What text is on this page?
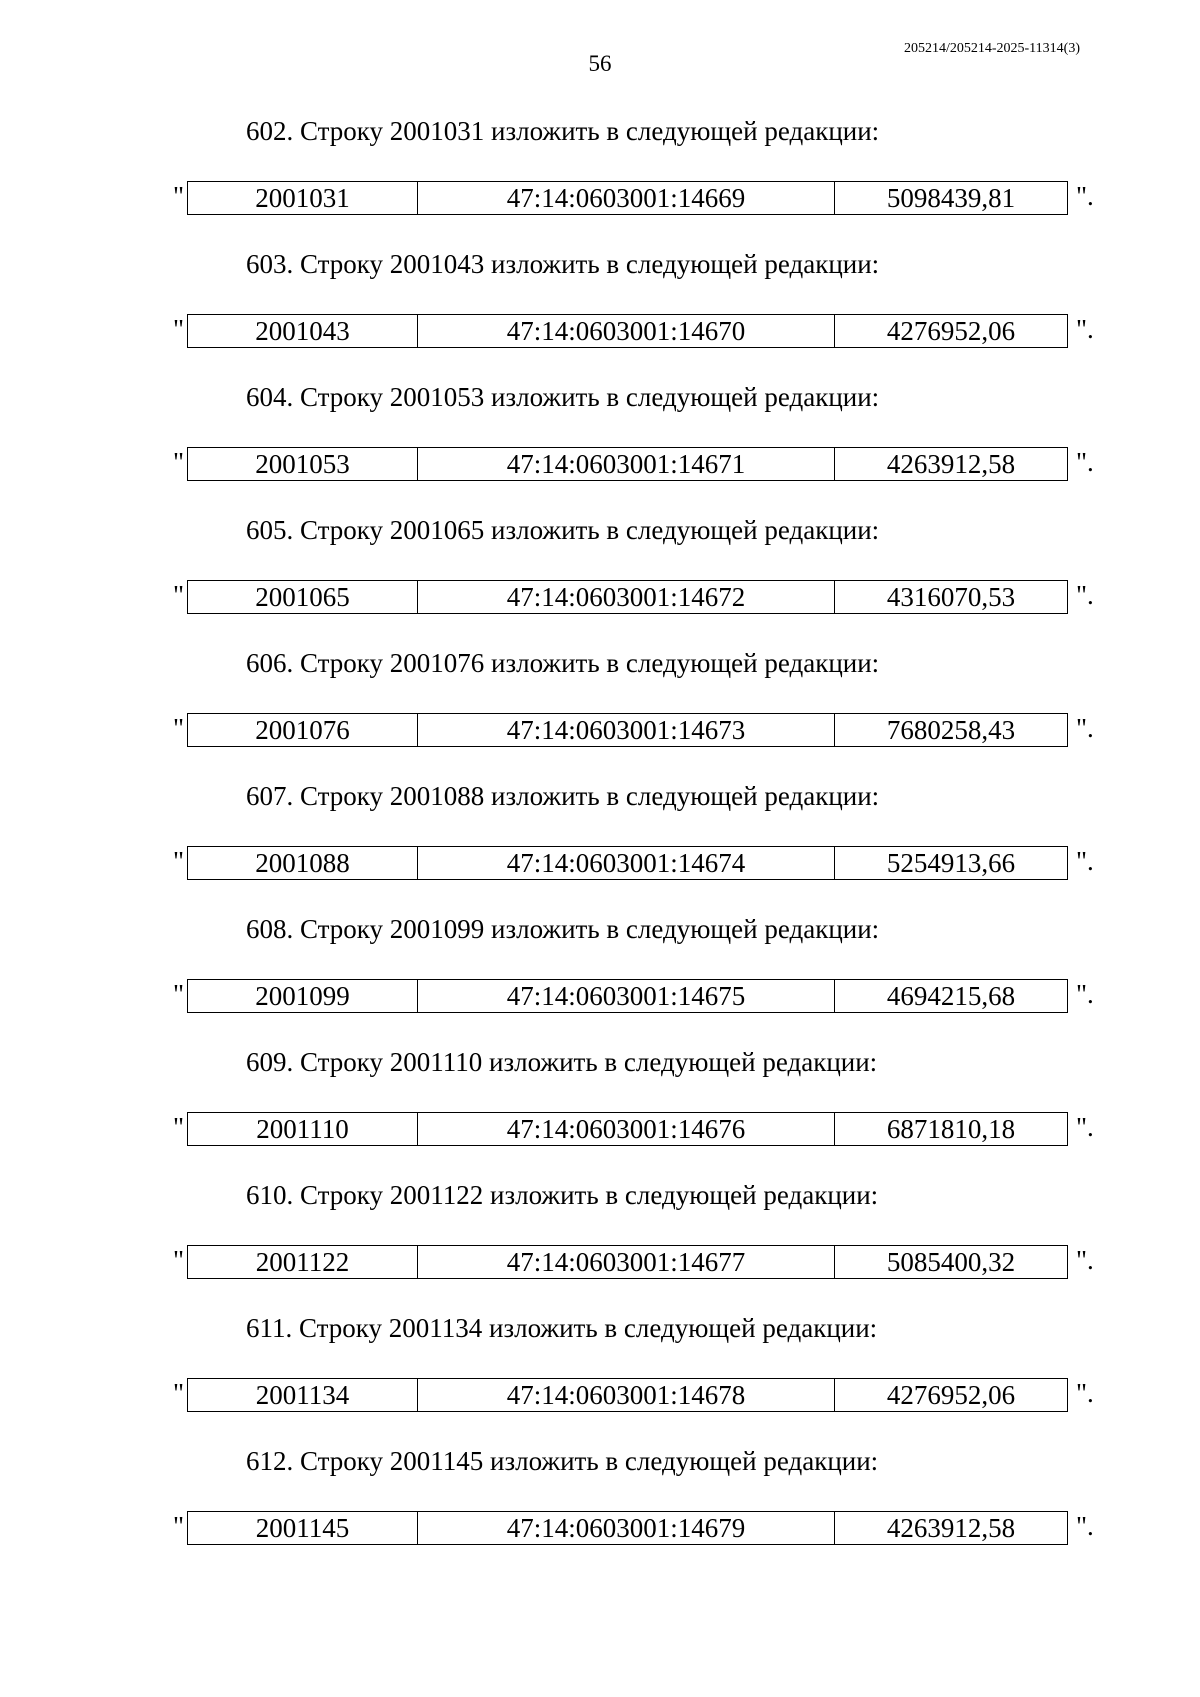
56
205214/205214-2025-11314(3)
602. Строку 2001031 изложить в следующей редакции:
"	2001031	47:14:0603001:14669	5098439,81	".
603. Строку 2001043 изложить в следующей редакции:
"	2001043	47:14:0603001:14670	4276952,06	".
604. Строку 2001053 изложить в следующей редакции:
"	2001053	47:14:0603001:14671	4263912,58	".
605. Строку 2001065 изложить в следующей редакции:
"	2001065	47:14:0603001:14672	4316070,53	".
606. Строку 2001076 изложить в следующей редакции:
"	2001076	47:14:0603001:14673	7680258,43	".
607. Строку 2001088 изложить в следующей редакции:
"	2001088	47:14:0603001:14674	5254913,66	".
608. Строку 2001099 изложить в следующей редакции:
"	2001099	47:14:0603001:14675	4694215,68	".
609. Строку 2001110 изложить в следующей редакции:
"	2001110	47:14:0603001:14676	6871810,18	".
610. Строку 2001122 изложить в следующей редакции:
"	2001122	47:14:0603001:14677	5085400,32	".
611. Строку 2001134 изложить в следующей редакции:
"	2001134	47:14:0603001:14678	4276952,06	".
612. Строку 2001145 изложить в следующей редакции:
"	2001145	47:14:0603001:14679	4263912,58	".
